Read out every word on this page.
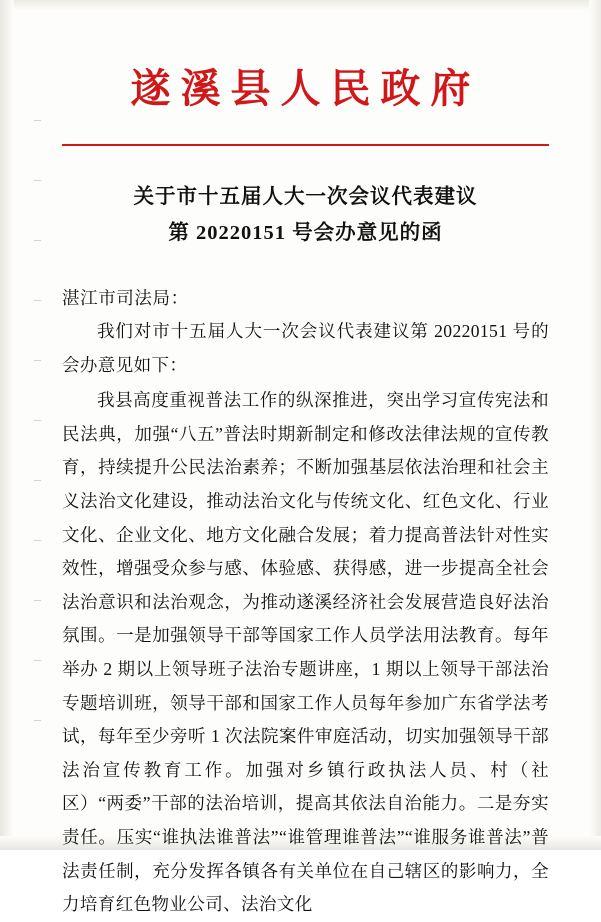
遂溪县人民政府
关于市十五届人大一次会议代表建议
第 20220151 号会办意见的函
湛江市司法局：
我们对市十五届人大一次会议代表建议第 20220151 号的会办意见如下：
我县高度重视普法工作的纵深推进，突出学习宣传宪法和民法典，加强“八五”普法时期新制定和修改法律法规的宣传教育，持续提升公民法治素养；不断加强基层依法治理和社会主义法治文化建设，推动法治文化与传统文化、红色文化、行业文化、企业文化、地方文化融合发展；着力提高普法针对性实效性，增强受众参与感、体验感、获得感，进一步提高全社会法治意识和法治观念，为推动遂溪经济社会发展营造良好法治氛围。一是加强领导干部等国家工作人员学法用法教育。每年举办 2 期以上领导班子法治专题讲座，1 期以上领导干部法治专题培训班，领导干部和国家工作人员每年参加广东省学法考试，每年至少旁听 1 次法院案件审庭活动，切实加强领导干部法治宣传教育工作。加强对乡镇行政执法人员、村（社区）“两委”干部的法治培训，提高其依法自治能力。二是夯实责任。压实“谁执法谁普法”“谁管理谁普法”“谁服务谁普法”普法责任制，充分发挥各镇各有关单位在自己辖区的影响力，全力培育红色物业公司、法治文化
